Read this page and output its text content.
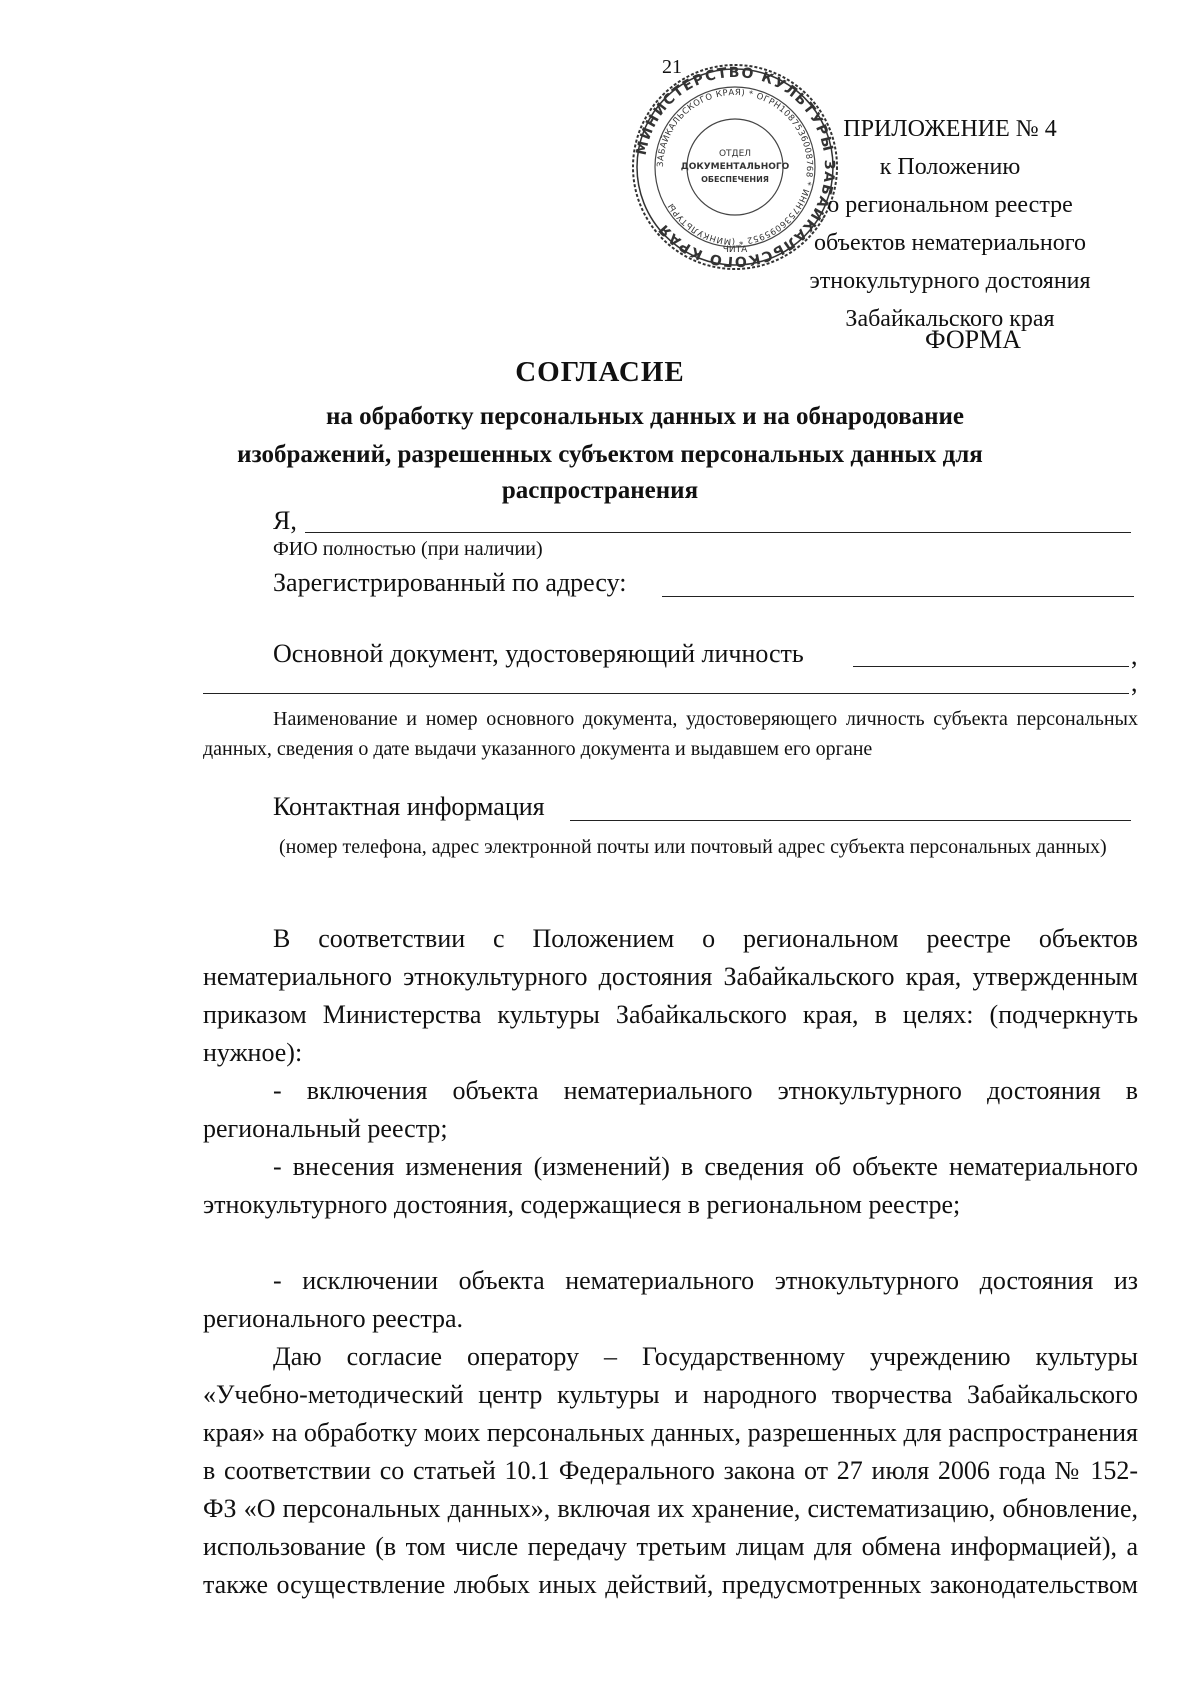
21
МИНИСТЕРСТВО КУЛЬТУРЫ ЗАБАЙКАЛЬСКОГО КРАЯ
ЗАБАЙКАЛЬСКОГО КРАЯ) * ОГРН1087536008768 * ИНН7536095952 * (МИНКУЛЬТУРЫ
ЧИТА
ОТДЕЛ
ДОКУМЕНТАЛЬНОГО
ОБЕСПЕЧЕНИЯ
ПРИЛОЖЕНИЕ № 4
к Положению
о региональном реестре
объектов нематериального
этнокультурного достояния
Забайкальского края
ФОРМА
СОГЛАСИЕ
на обработку персональных данных и на обнародование
изображений, разрешенных субъектом персональных данных для
распространения
Я,
ФИО полностью (при наличии)
Зарегистрированный по адресу:
Основной документ, удостоверяющий личность	,
,
Наименование и номер основного документа, удостоверяющего личность субъекта персональных данных, сведения о дате выдачи указанного документа и выдавшем его органе
Контактная информация
(номер телефона, адрес электронной почты или почтовый адрес субъекта персональных данных)
В соответствии с Положением о региональном реестре объектов нематериального этнокультурного достояния Забайкальского края, утвержденным приказом Министерства культуры Забайкальского края, в целях: (подчеркнуть нужное):
- включения объекта нематериального этнокультурного достояния в региональный реестр;
- внесения изменения (изменений) в сведения об объекте нематериального этнокультурного достояния, содержащиеся в региональном реестре;
- исключении объекта нематериального этнокультурного достояния из регионального реестра.
Даю согласие оператору – Государственному учреждению культуры «Учебно-методический центр культуры и народного творчества Забайкальского края» на обработку моих персональных данных, разрешенных для распространения в соответствии со статьей 10.1 Федерального закона от 27 июля 2006 года № 152-ФЗ «О персональных данных», включая их хранение, систематизацию, обновление, использование (в том числе передачу третьим лицам для обмена информацией), а также осуществление любых иных действий, предусмотренных законодательством
